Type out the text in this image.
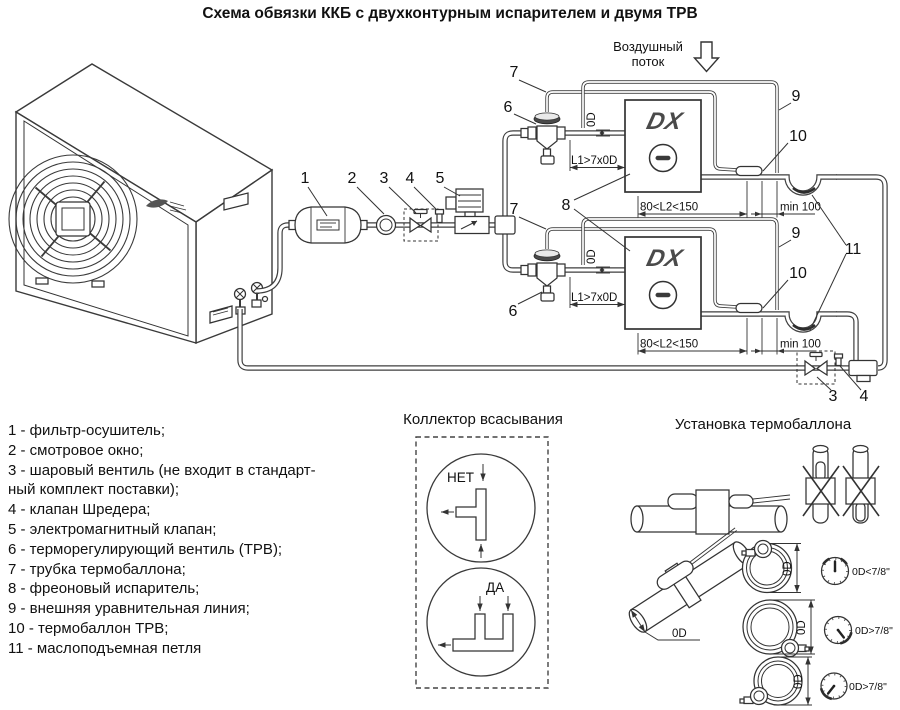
DX
0D
L1>7x0D
80<L2<150	min 100
7
9
10
1 2 3 4 5
6
6
8
11
3 4
НЕТ
ДА
0D
0D	0D<7/8"
0D	0D>7/8"
0D	0D>7/8"
Схема обвязки ККБ с двухконтурным испарителем и двумя ТРВ
Воздушный
поток
Коллектор всасывания	Установка термобаллона
1 - фильтр-осушитель;
2 - смотровое окно;
3 - шаровый вентиль (не входит в стандарт-
ный комплект поставки);
4 - клапан Шредера;
5 - электромагнитный клапан;
6 - терморегулирующий вентиль (ТРВ);
7 - трубка термобаллона;
8 - фреоновый испаритель;
9 - внешняя уравнительная линия;
10 - термобаллон ТРВ;
11 - маслоподъемная петля
